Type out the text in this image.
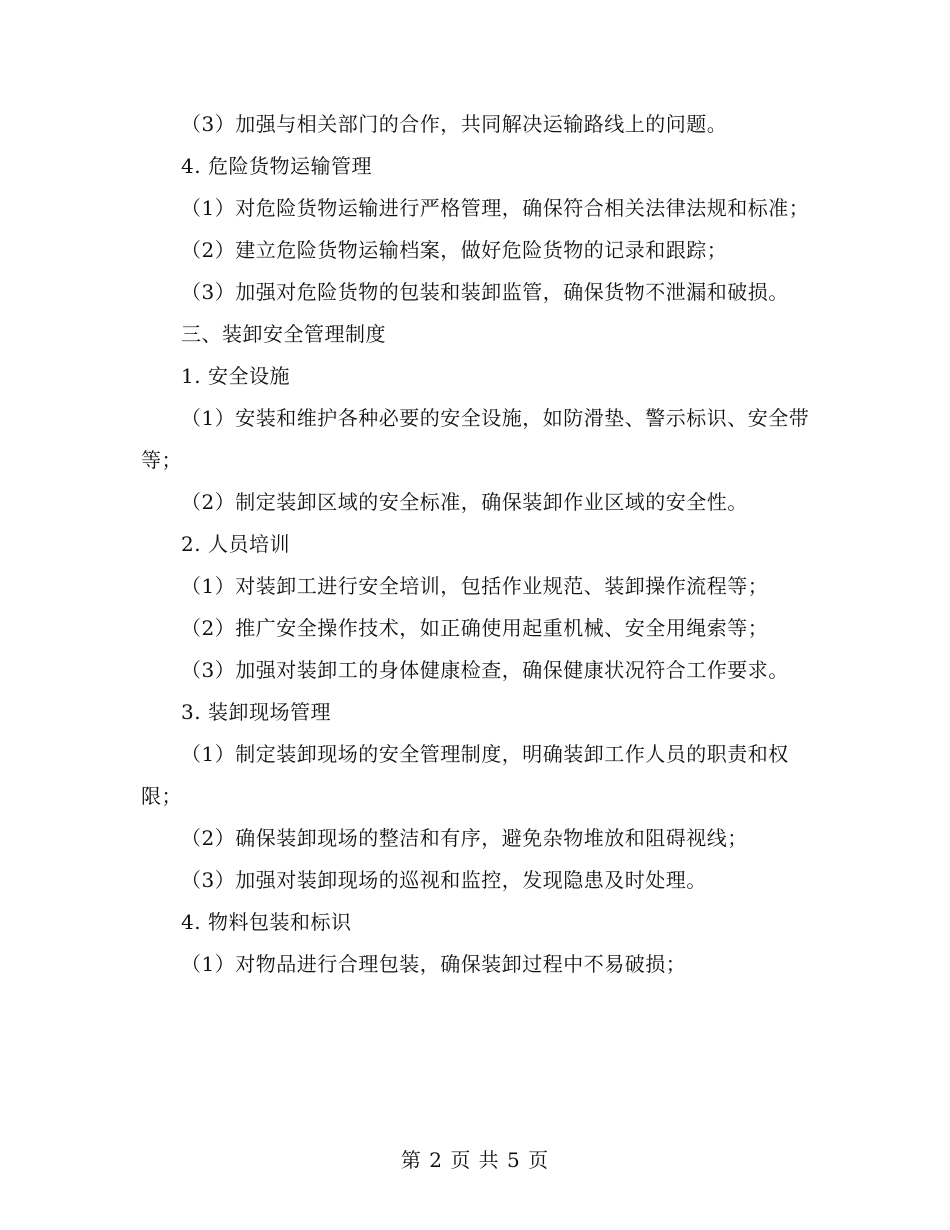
（3）加强与相关部门的合作，共同解决运输路线上的问题。

4. 危险货物运输管理

（1）对危险货物运输进行严格管理，确保符合相关法律法规和标准；

（2）建立危险货物运输档案，做好危险货物的记录和跟踪；

（3）加强对危险货物的包装和装卸监管，确保货物不泄漏和破损。

三、装卸安全管理制度

1. 安全设施

（1）安装和维护各种必要的安全设施，如防滑垫、警示标识、安全带等；

（2）制定装卸区域的安全标准，确保装卸作业区域的安全性。

2. 人员培训

（1）对装卸工进行安全培训，包括作业规范、装卸操作流程等；

（2）推广安全操作技术，如正确使用起重机械、安全用绳索等；

（3）加强对装卸工的身体健康检查，确保健康状况符合工作要求。

3. 装卸现场管理

（1）制定装卸现场的安全管理制度，明确装卸工作人员的职责和权限；

（2）确保装卸现场的整洁和有序，避免杂物堆放和阻碍视线；

（3）加强对装卸现场的巡视和监控，发现隐患及时处理。

4. 物料包装和标识

（1）对物品进行合理包装，确保装卸过程中不易破损；

第 2 页 共 5 页
